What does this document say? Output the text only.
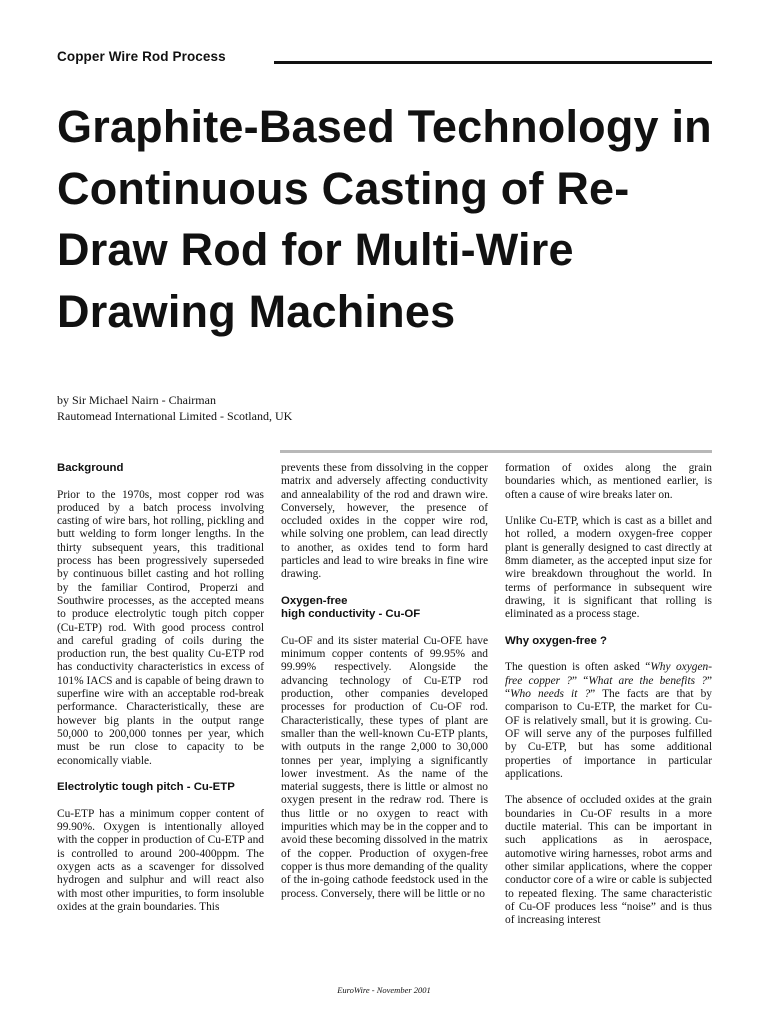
Copper Wire Rod Process
Graphite-Based Technology in Continuous Casting of Re-Draw Rod for Multi-Wire Drawing Machines
by Sir Michael Nairn - Chairman
Rautomead International Limited - Scotland, UK
Background

Prior to the 1970s, most copper rod was produced by a batch process involving casting of wire bars, hot rolling, pickling and butt welding to form longer lengths. In the thirty subsequent years, this traditional process has been progressively superseded by continuous billet casting and hot rolling by the familiar Contirod, Properzi and Southwire processes, as the accepted means to produce electrolytic tough pitch copper (Cu-ETP) rod. With good process control and careful grading of coils during the production run, the best quality Cu-ETP rod has conductivity characteristics in excess of 101% IACS and is capable of being drawn to superfine wire with an acceptable rod-break performance. Characteristically, these are however big plants in the output range 50,000 to 200,000 tonnes per year, which must be run close to capacity to be economically viable.

Electrolytic tough pitch - Cu-ETP

Cu-ETP has a minimum copper content of 99.90%. Oxygen is intentionally alloyed with the copper in production of Cu-ETP and is controlled to around 200-400ppm. The oxygen acts as a scavenger for dissolved hydrogen and sulphur and will react also with most other impurities, to form insoluble oxides at the grain boundaries. This

prevents these from dissolving in the copper matrix and adversely affecting conductivity and annealability of the rod and drawn wire. Conversely, however, the presence of occluded oxides in the copper wire rod, while solving one problem, can lead directly to another, as oxides tend to form hard particles and lead to wire breaks in fine wire drawing.

Oxygen-free
high conductivity - Cu-OF

Cu-OF and its sister material Cu-OFE have minimum copper contents of 99.95% and 99.99% respectively. Alongside the advancing technology of Cu-ETP rod production, other companies developed processes for production of Cu-OF rod. Characteristically, these types of plant are smaller than the well-known Cu-ETP plants, with outputs in the range 2,000 to 30,000 tonnes per year, implying a significantly lower investment. As the name of the material suggests, there is little or almost no oxygen present in the redraw rod. There is thus little or no oxygen to react with impurities which may be in the copper and to avoid these becoming dissolved in the matrix of the copper. Production of oxygen-free copper is thus more demanding of the quality of the in-going cathode feedstock used in the process. Conversely, there will be little or no

formation of oxides along the grain boundaries which, as mentioned earlier, is often a cause of wire breaks later on.

Unlike Cu-ETP, which is cast as a billet and hot rolled, a modern oxygen-free copper plant is generally designed to cast directly at 8mm diameter, as the accepted input size for wire breakdown throughout the world. In terms of performance in subsequent wire drawing, it is significant that rolling is eliminated as a process stage.

Why oxygen-free ?

The question is often asked “Why oxygen-free copper ?” “What are the benefits ?” “Who needs it ?” The facts are that by comparison to Cu-ETP, the market for Cu-OF is relatively small, but it is growing. Cu-OF will serve any of the purposes fulfilled by Cu-ETP, but has some additional properties of importance in particular applications.

The absence of occluded oxides at the grain boundaries in Cu-OF results in a more ductile material. This can be important in such applications as in aerospace, automotive wiring harnesses, robot arms and other similar applications, where the copper conductor core of a wire or cable is subjected to repeated flexing. The same characteristic of Cu-OF produces less “noise” and is thus of increasing interest

EuroWire - November 2001
